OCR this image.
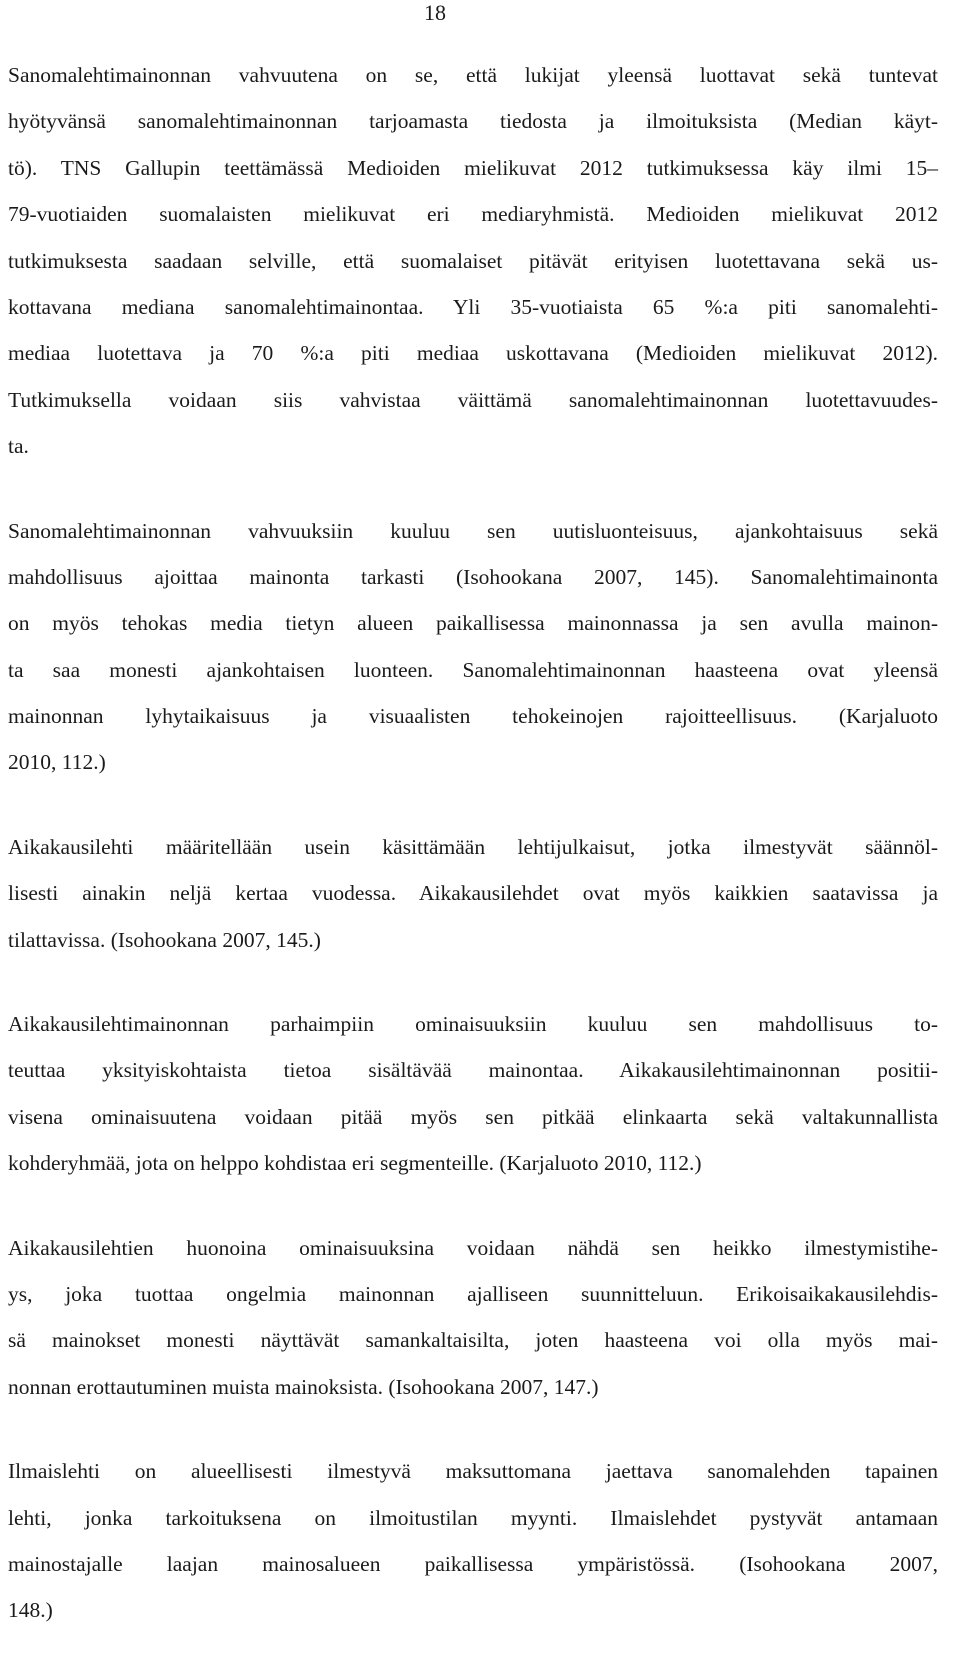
18
Sanomalehtimainonnan vahvuutena on se, että lukijat yleensä luottavat sekä tuntevat
hyötyvänsä sanomalehtimainonnan tarjoamasta tiedosta ja ilmoituksista (Median käyt-
tö). TNS Gallupin teettämässä Medioiden mielikuvat 2012 tutkimuksessa käy ilmi 15–
79-vuotiaiden suomalaisten mielikuvat eri mediaryhmistä. Medioiden mielikuvat 2012
tutkimuksesta saadaan selville, että suomalaiset pitävät erityisen luotettavana sekä us-
kottavana mediana sanomalehtimainontaa. Yli 35-vuotiaista 65 %:a piti sanomalehti-
mediaa luotettava ja 70 %:a piti mediaa uskottavana (Medioiden mielikuvat 2012).
Tutkimuksella voidaan siis vahvistaa väittämä sanomalehtimainonnan luotettavuudes-
ta.
Sanomalehtimainonnan vahvuuksiin kuuluu sen uutisluonteisuus, ajankohtaisuus sekä
mahdollisuus ajoittaa mainonta tarkasti (Isohookana 2007, 145). Sanomalehtimainonta
on myös tehokas media tietyn alueen paikallisessa mainonnassa ja sen avulla mainon-
ta saa monesti ajankohtaisen luonteen. Sanomalehtimainonnan haasteena ovat yleensä
mainonnan lyhytaikaisuus ja visuaalisten tehokeinojen rajoitteellisuus. (Karjaluoto
2010, 112.)
Aikakausilehti määritellään usein käsittämään lehtijulkaisut, jotka ilmestyvät säännöl-
lisesti ainakin neljä kertaa vuodessa. Aikakausilehdet ovat myös kaikkien saatavissa ja
tilattavissa. (Isohookana 2007, 145.)
Aikakausilehtimainonnan parhaimpiin ominaisuuksiin kuuluu sen mahdollisuus to-
teuttaa yksityiskohtaista tietoa sisältävää mainontaa. Aikakausilehtimainonnan positii-
visena ominaisuutena voidaan pitää myös sen pitkää elinkaarta sekä valtakunnallista
kohderyhmää, jota on helppo kohdistaa eri segmenteille. (Karjaluoto 2010, 112.)
Aikakausilehtien huonoina ominaisuuksina voidaan nähdä sen heikko ilmestymistihe-
ys, joka tuottaa ongelmia mainonnan ajalliseen suunnitteluun. Erikoisaikakausilehdis-
sä mainokset monesti näyttävät samankaltaisilta, joten haasteena voi olla myös mai-
nonnan erottautuminen muista mainoksista. (Isohookana 2007, 147.)
Ilmaislehti on alueellisesti ilmestyvä maksuttomana jaettava sanomalehden tapainen
lehti, jonka tarkoituksena on ilmoitustilan myynti. Ilmaislehdet pystyvät antamaan
mainostajalle laajan mainosalueen paikallisessa ympäristössä. (Isohookana 2007,
148.)
